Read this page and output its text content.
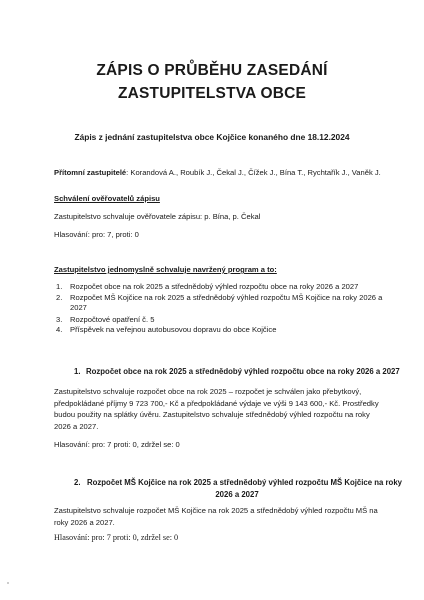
ZÁPIS O PRŮBĚHU ZASEDÁNÍ
ZASTUPITELSTVA OBCE
Zápis z jednání zastupitelstva obce Kojčice konaného dne 18.12.2024
Přítomní zastupitelé: Korandová A., Roubík J., Čekal J., Čížek J., Bína T., Rychtařík J., Vaněk J.
Schválení ověřovatelů zápisu
Zastupitelstvo schvaluje ověřovatele zápisu: p. Bína, p. Čekal
Hlasování: pro: 7, proti: 0
Zastupitelstvo jednomyslně schvaluje navržený program a to:
1. Rozpočet obce na rok 2025 a střednědobý výhled rozpočtu obce na roky 2026 a 2027
2. Rozpočet MŠ Kojčice na rok 2025 a střednědobý výhled rozpočtu MŠ Kojčice na roky 2026 a
2027
3. Rozpočtové opatření č. 5
4. Příspěvek na veřejnou autobusovou dopravu do obce Kojčice
1. Rozpočet obce na rok 2025 a střednědobý výhled rozpočtu obce na roky 2026 a 2027
Zastupitelstvo schvaluje rozpočet obce na rok 2025 – rozpočet je schválen jako přebytkový,
předpokládané příjmy 9 723 700,- Kč a předpokládané výdaje ve výši 9 143 600,- Kč. Prostředky
budou použity na splátky úvěru. Zastupitelstvo schvaluje střednědobý výhled rozpočtu na roky
2026 a 2027.
Hlasování: pro: 7 proti: 0, zdržel se: 0
2. Rozpočet MŠ Kojčice na rok 2025 a střednědobý výhled rozpočtu MŠ Kojčice na roky
2026 a 2027
Zastupitelstvo schvaluje rozpočet MŠ Kojčice na rok 2025 a střednědobý výhled rozpočtu MŠ na
roky 2026 a 2027.
Hlasování: pro: 7 proti: 0, zdržel se: 0
